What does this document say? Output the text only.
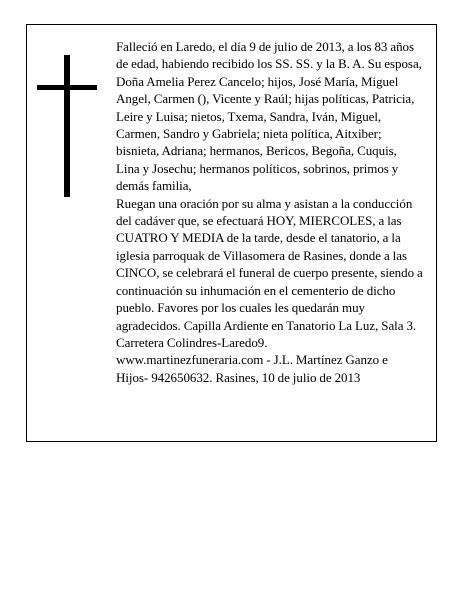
Falleció en Laredo, el día 9 de julio de 2013, a los 83 años de edad, habiendo recibido los SS. SS. y la B. A. Su esposa, Doña Amelia Perez Cancelo; hijos, José María, Miguel Angel, Carmen (), Vicente y Raúl; hijas políticas, Patricia, Leire y Luisa; nietos, Txema, Sandra, Iván, Miguel, Carmen, Sandro y Gabriela; nieta política, Aitxiber; bisnieta, Adriana; hermanos, Bericos, Begoña, Cuquis, Lina y Josechu; hermanos políticos, sobrinos, primos y demás familia,

Ruegan una oración por su alma y asistan a la conducción del cadáver que, se efectuará HOY, MIERCOLES, a las CUATRO Y MEDIA de la tarde, desde el tanatorio, a la iglesia parroquak de Villasomera de Rasines, donde a las CINCO, se celebrará el funeral de cuerpo presente, siendo a continuación su inhumación en el cementerio de dicho pueblo. Favores por los cuales les quedarán muy agradecidos. Capilla Ardiente en Tanatorio La Luz, Sala 3. Carretera Colindres-Laredo9.

www.martinezfuneraria.com - J.L. Martínez Ganzo e Hijos- 942650632. Rasines, 10 de julio de 2013
